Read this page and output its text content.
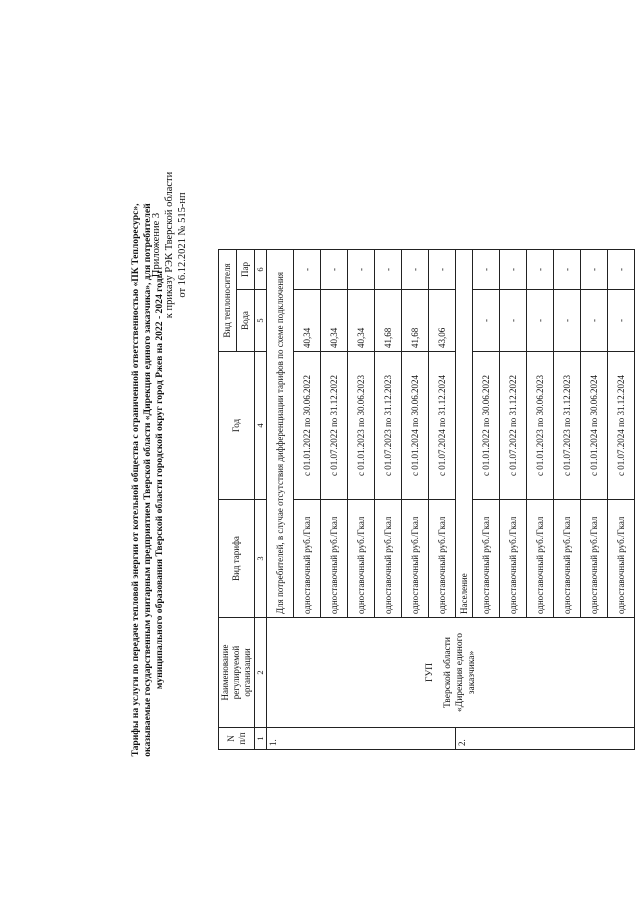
Приложение 3 к приказу РЭК Тверской области от 16.12.2021 № 515-нп
Тарифы на услуги по передаче тепловой энергии от котельной общества с ограниченной ответственностью «ПК Теплоресурс», оказываемые государственным унитарным предприятием Тверской области «Дирекция единого заказчика», для потребителей муниципального образования Тверской области городской округ город Ржев на 2022 - 2024 годы
N п/п	Наименование регулируемой организации	Вид тарифа	Год	Вид теплоносителя	
				Вода	Пар
1	2	3	4	5	6
1.	ГУП Тверской области «Дирекция единого заказчика»	Для потребителей, в случае отсутствия дифференциации тарифов по схеме подключения			
		одноставочный руб./Гкал	с 01.01.2022 по 30.06.2022	40,34	-
		одноставочный руб./Гкал	с 01.07.2022 по 31.12.2022	40,34	-
		одноставочный руб./Гкал	с 01.01.2023 по 30.06.2023	40,34	-
		одноставочный руб./Гкал	с 01.07.2023 по 31.12.2023	41,68	-
		одноставочный руб./Гкал	с 01.01.2024 по 30.06.2024	41,68	-
		одноставочный руб./Гкал	с 01.07.2024 по 31.12.2024	43,06	-
2.		Население			
		одноставочный руб./Гкал	с 01.01.2022 по 30.06.2022	-	-
		одноставочный руб./Гкал	с 01.07.2022 по 31.12.2022	-	-
		одноставочный руб./Гкал	с 01.01.2023 по 30.06.2023	-	-
		одноставочный руб./Гкал	с 01.07.2023 по 31.12.2023	-	-
		одноставочный руб./Гкал	с 01.01.2024 по 30.06.2024	-	-
		одноставочный руб./Гкал	с 01.07.2024 по 31.12.2024	-	-
